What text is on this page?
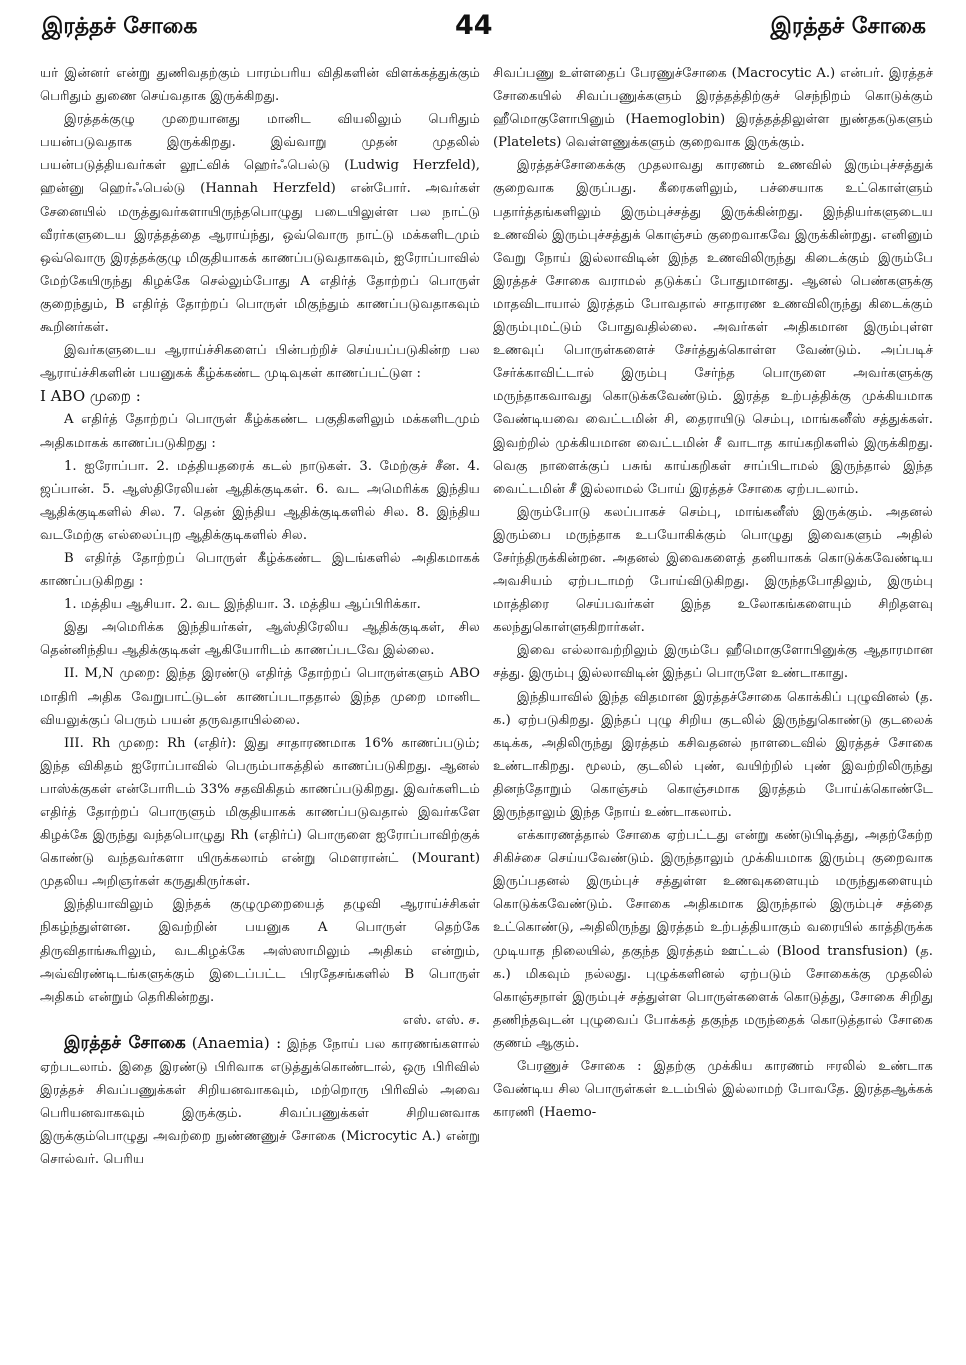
இரத்தச் சோகை	44	இரத்தச் சோகை

யர் இன்னர் என்று துணிவதற்கும் பாரம்பரிய விதிகளின் விளக்கத்துக்கும் பெரிதும் துணை செய்வதாக இருக்கிறது.

இரத்தக்குழு முறையானது மானிட வியலிலும் பெரிதும் பயன்படுவதாக இருக்கிறது. இவ்வாறு முதன் முதலில் பயன்படுத்தியவர்கள் லூட்விக் ஹெர்ஃபெல்டு (Ludwig Herzfeld), ஹன்னு ஹெர்ஃபெல்டு (Hannah Herzfeld) என்போர். அவர்கள் சேனையில் மருத்துவர்களாயிருந்தபொழுது படையிலுள்ள பல நாட்டு வீரர்களுடைய இரத்தத்தை ஆராய்ந்து, ஒவ்வொரு நாட்டு மக்களிடமும் ஒவ்வொரு இரத்தக்குழு மிகுதியாகக் காணப்படுவதாகவும், ஐரோப்பாவில் மேற்கேயிருந்து கிழக்கே செல்லும்போது A எதிர்த் தோற்றப் பொருள் குறைந்தும், B எதிர்த் தோற்றப் பொருள் மிகுந்தும் காணப்படுவதாகவும் கூறினர்கள்.

இவர்களுடைய ஆராய்ச்சிகளைப் பின்பற்றிச் செய்யப்படுகின்ற பல ஆராய்ச்சிகளின் பயனுகக் கீழ்க்கண்ட முடிவுகள் காணப்பட்டுள :

I ABO முறை :

A எதிர்த் தோற்றப் பொருள் கீழ்க்கண்ட பகுதிகளிலும் மக்களிடமும் அதிகமாகக் காணப்படுகிறது :

1. ஐரோப்பா. 2. மத்தியதரைக் கடல் நாடுகள். 3. மேற்குச் சீன. 4. ஜப்பான். 5. ஆஸ்திரேலியன் ஆதிக்குடிகள். 6. வட அமெரிக்க இந்திய ஆதிக்குடிகளில் சில. 7. தென் இந்திய ஆதிக்குடிகளில் சில. 8. இந்திய வடமேற்கு எல்லைப்புற ஆதிக்குடிகளில் சில.

B எதிர்த் தோற்றப் பொருள் கீழ்க்கண்ட இடங்களில் அதிகமாகக் காணப்படுகிறது :

1. மத்திய ஆசியா. 2. வட இந்தியா. 3. மத்திய ஆப்பிரிக்கா.

இது அமெரிக்க இந்தியர்கள், ஆஸ்திரேலிய ஆதிக்குடிகள், சில தென்னிந்திய ஆதிக்குடிகள் ஆகியோரிடம் காணப்படவே இல்லை.

II. M,N முறை: இந்த இரண்டு எதிர்த் தோற்றப் பொருள்களும் ABO மாதிரி அதிக வேறுபாட்டுடன் காணப்படாததால் இந்த முறை மானிட வியலுக்குப் பெரும் பயன் தருவதாயில்லை.

III. Rh முறை: Rh (எதிர்): இது சாதாரணமாக 16% காணப்படும்; இந்த விகிதம் ஐரோப்பாவில் பெரும்பாகத்தில் காணப்படுகிறது. ஆனல் பாஸ்க்குகள் என்போரிடம் 33% சதவிகிதம் காணப்படுகிறது. இவர்களிடம் எதிர்த் தோற்றப் பொருளும் மிகுதியாகக் காணப்படுவதால் இவர்களே கிழக்கே இருந்து வந்தபொழுது Rh (எதிர்ப்) பொருளை ஐரோப்பாவிற்குக் கொண்டு வந்தவர்களா யிருக்கலாம் என்று மௌரான்ட் (Mourant) முதலிய அறிஞர்கள் கருதுகிருர்கள்.

இந்தியாவிலும் இந்தக் குழுமுறையைத் தழுவி ஆராய்ச்சிகள் நிகழ்ந்துள்ளன. இவற்றின் பயனுக A பொருள் தெற்கே திருவிதாங்கூரிலும், வடகிழக்கே அஸ்ஸாமிலும் அதிகம் என்றும், அவ்விரண்டிடங்களுக்கும் இடைப்பட்ட பிரதேசங்களில் B பொருள் அதிகம் என்றும் தெரிகின்றது.

எஸ். எஸ். ச.

இரத்தச் சோகை (Anaemia) : இந்த நோய் பல காரணங்களால் ஏற்படலாம். இதை இரண்டு பிரிவாக எடுத்துக்கொண்டால், ஒரு பிரிவில் இரத்தச் சிவப்பணுக்கள் சிறியனவாகவும், மற்றொரு பிரிவில் அவை பெரியனவாகவும் இருக்கும். சிவப்பணுக்கள் சிறியனவாக இருக்கும்பொழுது அவற்றை நுண்ணணுச் சோகை (Microcytic A.) என்று சொல்வர். பெரிய

சிவப்பணு உள்ளதைப் பேரணுச்சோகை (Macrocytic A.) என்பர். இரத்தச் சோகையில் சிவப்பணுக்களும் இரத்தத்திற்குச் செந்நிறம் கொடுக்கும் ஹீமொகுளோபினும் (Haemoglobin) இரத்தத்திலுள்ள நுண்தகடுகளும் (Platelets) வெள்ளணுக்களும் குறைவாக இருக்கும்.

இரத்தச்சோகைக்கு முதலாவது காரணம் உணவில் இரும்புச்சத்துக் குறைவாக இருப்பது. கீரைகளிலும், பச்சையாக உட்கொள்ளும் பதார்த்தங்களிலும் இரும்புச்சத்து இருக்கின்றது. இந்தியர்களுடைய உணவில் இரும்புச்சத்துக் கொஞ்சம் குறைவாகவே இருக்கின்றது. எனினும் வேறு நோய் இல்லாவிடின் இந்த உணவிலிருந்து கிடைக்கும் இரும்பே இரத்தச் சோகை வராமல் தடுக்கப் போதுமானது. ஆனல் பெண்களுக்கு மாதவிடாயால் இரத்தம் போவதால் சாதாரண உணவிலிருந்து கிடைக்கும் இரும்புமட்டும் போதுவதில்லை. அவர்கள் அதிகமான இரும்புள்ள உணவுப் பொருள்களைச் சேர்த்துக்கொள்ள வேண்டும். அப்படிச் சேர்க்காவிட்டால் இரும்பு சேர்ந்த பொருளை அவர்களுக்கு மருந்தாகவாவது கொடுக்கவேண்டும். இரத்த உற்பத்திக்கு முக்கியமாக வேண்டியவை வைட்டமின் சி, தைராயிடு செம்பு, மாங்கனீஸ் சத்துக்கள். இவற்றில் முக்கியமான வைட்டமின் சீ வாடாத காய்கறிகளில் இருக்கிறது. வெகு நாளைக்குப் பசுங் காய்கறிகள் சாப்பிடாமல் இருந்தால் இந்த வைட்டமின் சீ இல்லாமல் போய் இரத்தச் சோகை ஏற்படலாம்.

இரும்போடு கலப்பாகச் செம்பு, மாங்கனீஸ் இருக்கும். அதனல் இரும்பை மருந்தாக உபயோகிக்கும் பொழுது இவைகளும் அதில் சேர்ந்திருக்கின்றன. அதனல் இவைகளைத் தனியாகக் கொடுக்கவேண்டிய அவசியம் ஏற்படாமற் போய்விடுகிறது. இருந்தபோதிலும், இரும்பு மாத்திரை செய்பவர்கள் இந்த உலோகங்களையும் சிறிதளவு கலந்துகொள்ளுகிறார்கள்.

இவை எல்லாவற்றிலும் இரும்பே ஹீமொகுளோபினுக்கு ஆதாரமான சத்து. இரும்பு இல்லாவிடின் இந்தப் பொருளே உண்டாகாது.

இந்தியாவில் இந்த விதமான இரத்தச்சோகை கொக்கிப் புழுவினல் (த. க.) ஏற்படுகிறது. இந்தப் புழு சிறிய குடலில் இருந்துகொண்டு குடலைக் கடிக்க, அதிலிருந்து இரத்தம் கசிவதனல் நாளடைவில் இரத்தச் சோகை உண்டாகிறது. மூலம், குடலில் புண், வயிற்றில் புண் இவற்றிலிருந்து தினந்தோறும் கொஞ்சம் கொஞ்சமாக இரத்தம் போய்க்கொண்டே இருந்தாலும் இந்த நோய் உண்டாகலாம்.

எக்காரணத்தால் சோகை ஏற்பட்டது என்று கண்டுபிடித்து, அதற்கேற்ற சிகிச்சை செய்யவேண்டும். இருந்தாலும் முக்கியமாக இரும்பு குறைவாக இருப்பதனல் இரும்புச் சத்துள்ள உணவுகளையும் மருந்துகளையும் கொடுக்கவேண்டும். சோகை அதிகமாக இருந்தால் இரும்புச் சத்தை உட்கொண்டு, அதிலிருந்து இரத்தம் உற்பத்தியாகும் வரையில் காத்திருக்க முடியாத நிலையில், தகுந்த இரத்தம் ஊட்டல் (Blood transfusion) (த. க.) மிகவும் நல்லது. புழுக்களினல் ஏற்படும் சோகைக்கு முதலில் கொஞ்சநாள் இரும்புச் சத்துள்ள பொருள்களைக் கொடுத்து, சோகை சிறிது தணிந்தவுடன் புழுவைப் போக்கத் தகுந்த மருந்தைக் கொடுத்தால் சோகை குணம் ஆகும்.

பேரணுச் சோகை : இதற்கு முக்கிய காரணம் ஈரலில் உண்டாக வேண்டிய சில பொருள்கள் உடம்பில் இல்லாமற் போவதே. இரத்தஆக்கக் காரணி (Haemo-
